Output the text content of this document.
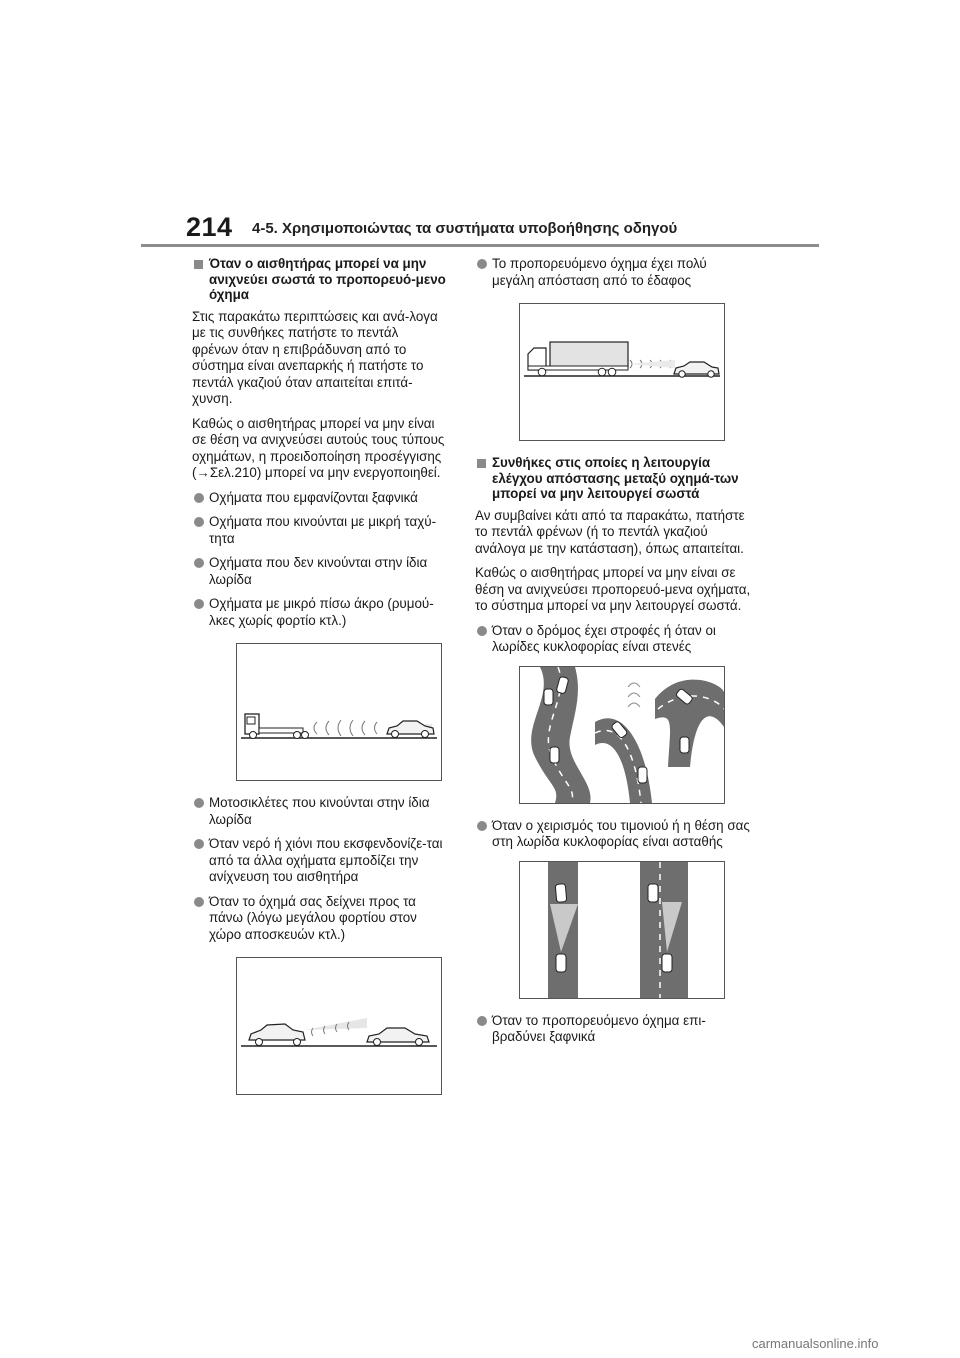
214 4-5. Χρησιμοποιώντας τα συστήματα υποβοήθησης οδηγού
Όταν ο αισθητήρας μπορεί να μην ανιχνεύει σωστά το προπορευό-μενο όχημα

Στις παρακάτω περιπτώσεις και ανά-λογα με τις συνθήκες πατήστε το πεντάλ φρένων όταν η επιβράδυνση από το σύστημα είναι ανεπαρκής ή πατήστε το πεντάλ γκαζιού όταν απαιτείται επιτά-χυνση.

Καθώς ο αισθητήρας μπορεί να μην είναι σε θέση να ανιχνεύσει αυτούς τους τύπους οχημάτων, η προειδοποίηση προσέγγισης (→Σελ.210) μπορεί να μην ενεργοποιηθεί.

Οχήματα που εμφανίζονται ξαφνικά
Οχήματα που κινούνται με μικρή ταχύ-τητα
Οχήματα που δεν κινούνται στην ίδια λωρίδα
Οχήματα με μικρό πίσω άκρο (ρυμού-λκες χωρίς φορτίο κτλ.)
Μοτοσικλέτες που κινούνται στην ίδια λωρίδα
Όταν νερό ή χιόνι που εκσφενδονίζε-ται από τα άλλα οχήματα εμποδίζει την ανίχνευση του αισθητήρα
Όταν το όχημά σας δείχνει προς τα πάνω (λόγω μεγάλου φορτίου στον χώρο αποσκευών κτλ.)
Το προπορευόμενο όχημα έχει πολύ μεγάλη απόσταση από το έδαφος
Συνθήκες στις οποίες η λειτουργία ελέγχου απόστασης μεταξύ οχημά-των μπορεί να μην λειτουργεί σωστά

Αν συμβαίνει κάτι από τα παρακάτω, πατήστε το πεντάλ φρένων (ή το πεντάλ γκαζιού ανάλογα με την κατάσταση), όπως απαιτείται.

Καθώς ο αισθητήρας μπορεί να μην είναι σε θέση να ανιχνεύσει προπορευό-μενα οχήματα, το σύστημα μπορεί να μην λειτουργεί σωστά.

Όταν ο δρόμος έχει στροφές ή όταν οι λωρίδες κυκλοφορίας είναι στενές
Όταν ο χειρισμός του τιμονιού ή η θέση σας στη λωρίδα κυκλοφορίας είναι ασταθής
Όταν το προπορευόμενο όχημα επι-βραδύνει ξαφνικά
carmanualsonline.info
